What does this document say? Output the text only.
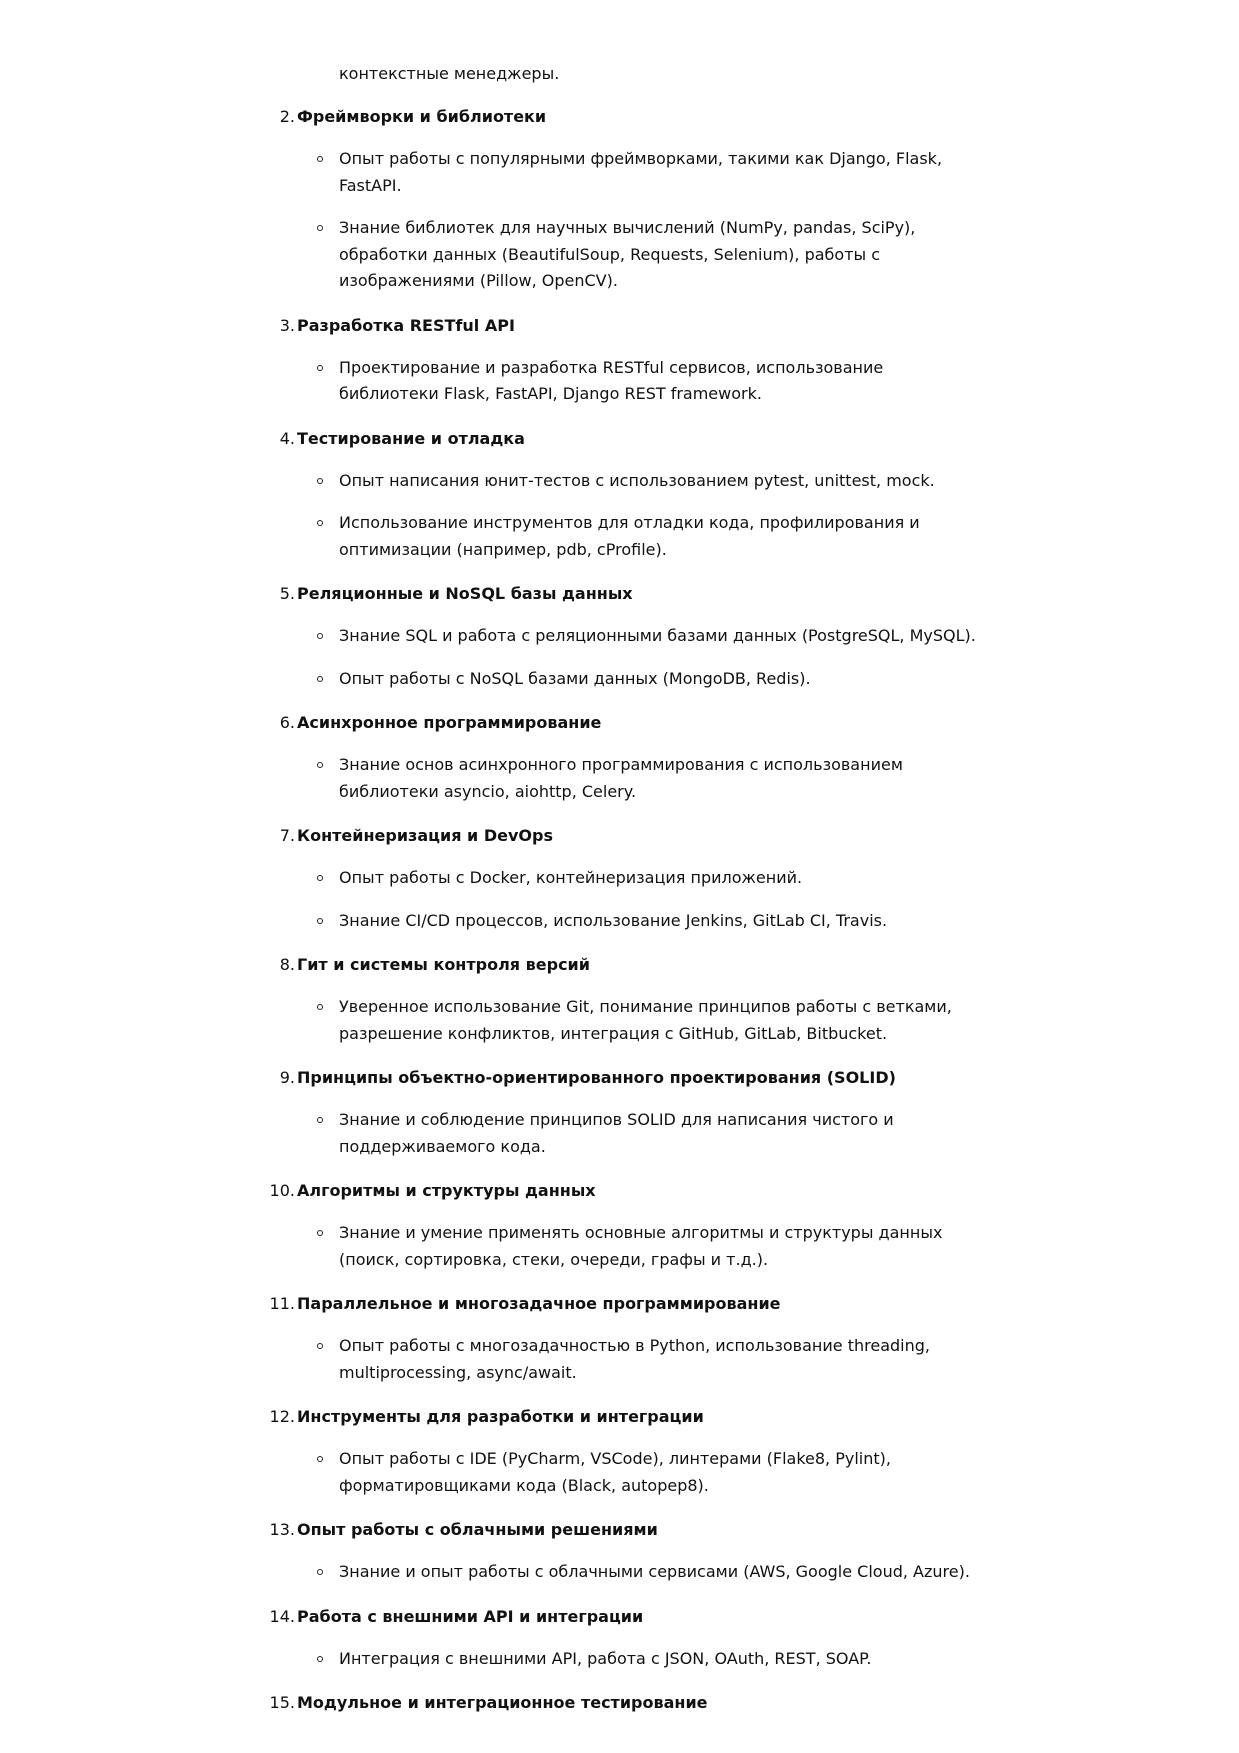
контекстные менеджеры.

2. Фреймворки и библиотеки
Опыт работы с популярными фреймворками, такими как Django, Flask, FastAPI.
Знание библиотек для научных вычислений (NumPy, pandas, SciPy), обработки данных (BeautifulSoup, Requests, Selenium), работы с изображениями (Pillow, OpenCV).
3. Разработка RESTful API
Проектирование и разработка RESTful сервисов, использование библиотеки Flask, FastAPI, Django REST framework.
4. Тестирование и отладка
Опыт написания юнит-тестов с использованием pytest, unittest, mock.
Использование инструментов для отладки кода, профилирования и оптимизации (например, pdb, cProfile).
5. Реляционные и NoSQL базы данных
Знание SQL и работа с реляционными базами данных (PostgreSQL, MySQL).
Опыт работы с NoSQL базами данных (MongoDB, Redis).
6. Асинхронное программирование
Знание основ асинхронного программирования с использованием библиотеки asyncio, aiohttp, Celery.
7. Контейнеризация и DevOps
Опыт работы с Docker, контейнеризация приложений.
Знание CI/CD процессов, использование Jenkins, GitLab CI, Travis.
8. Гит и системы контроля версий
Уверенное использование Git, понимание принципов работы с ветками, разрешение конфликтов, интеграция с GitHub, GitLab, Bitbucket.
9. Принципы объектно-ориентированного проектирования (SOLID)
Знание и соблюдение принципов SOLID для написания чистого и поддерживаемого кода.
10. Алгоритмы и структуры данных
Знание и умение применять основные алгоритмы и структуры данных (поиск, сортировка, стеки, очереди, графы и т.д.).
11. Параллельное и многозадачное программирование
Опыт работы с многозадачностью в Python, использование threading, multiprocessing, async/await.
12. Инструменты для разработки и интеграции
Опыт работы с IDE (PyCharm, VSCode), линтерами (Flake8, Pylint), форматировщиками кода (Black, autopep8).
13. Опыт работы с облачными решениями
Знание и опыт работы с облачными сервисами (AWS, Google Cloud, Azure).
14. Работа с внешними API и интеграции
Интеграция с внешними API, работа с JSON, OAuth, REST, SOAP.
15. Модульное и интеграционное тестирование
